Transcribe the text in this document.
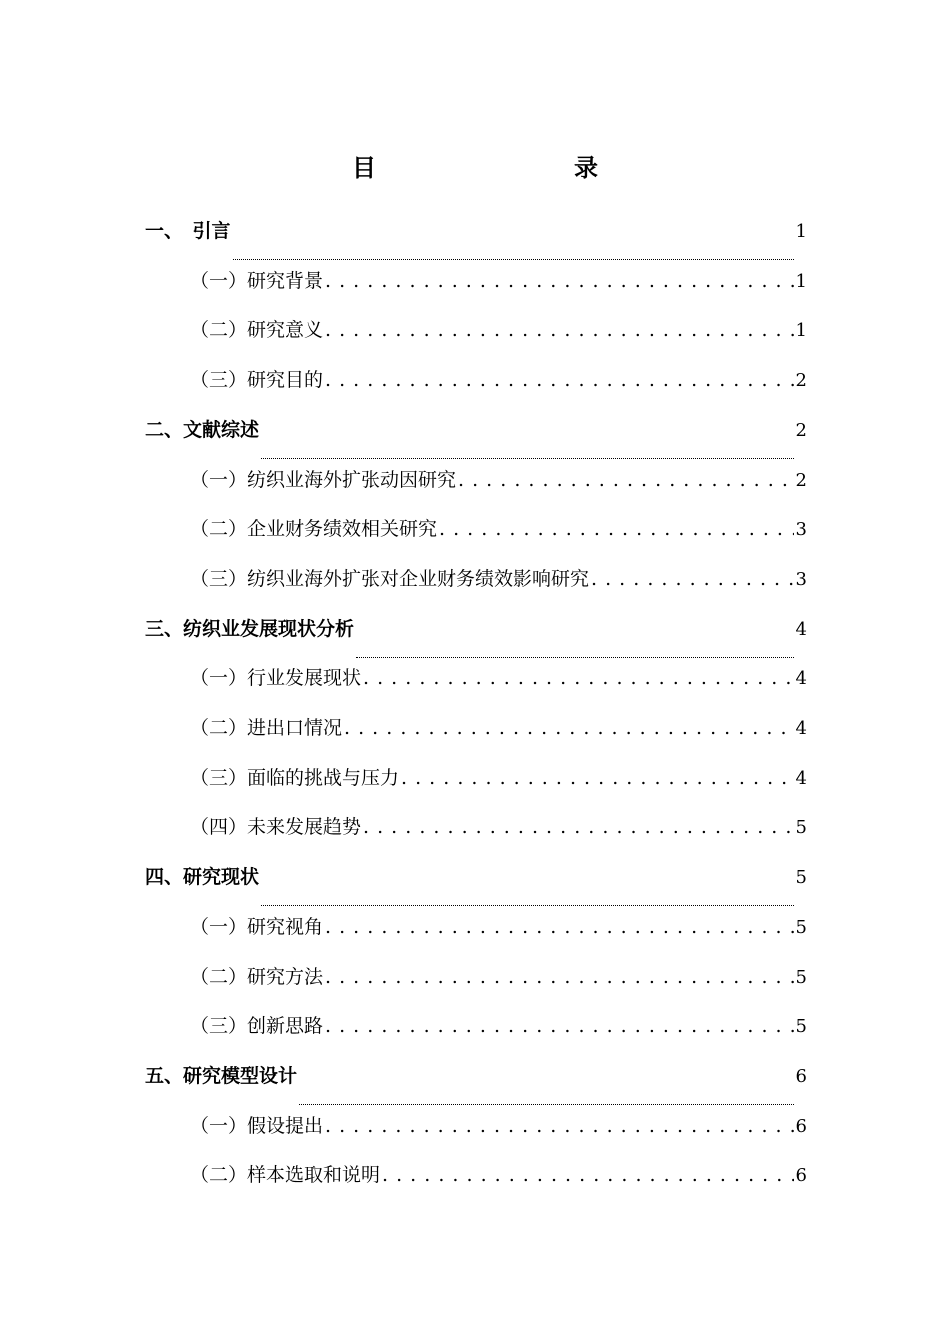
目　　录
一、　引言	1
（一）研究背景 . . .	1
（二）研究意义 . . .	1
（三）研究目的 . . .	2
二、文献综述	2
（一）纺织业海外扩张动因研究 . . .	2
（二）企业财务绩效相关研究 . . .	3
（三）纺织业海外扩张对企业财务绩效影响研究 . . .	3
三、纺织业发展现状分析	4
（一）行业发展现状 . . .	4
（二）进出口情况 . . .	4
（三）面临的挑战与压力 . . .	4
（四）未来发展趋势 . . .	5
四、研究现状	5
（一）研究视角 . . .	5
（二）研究方法 . . .	5
（三）创新思路 . . .	5
五、研究模型设计	6
（一）假设提出 . . .	6
（二）样本选取和说明 . . .	6
